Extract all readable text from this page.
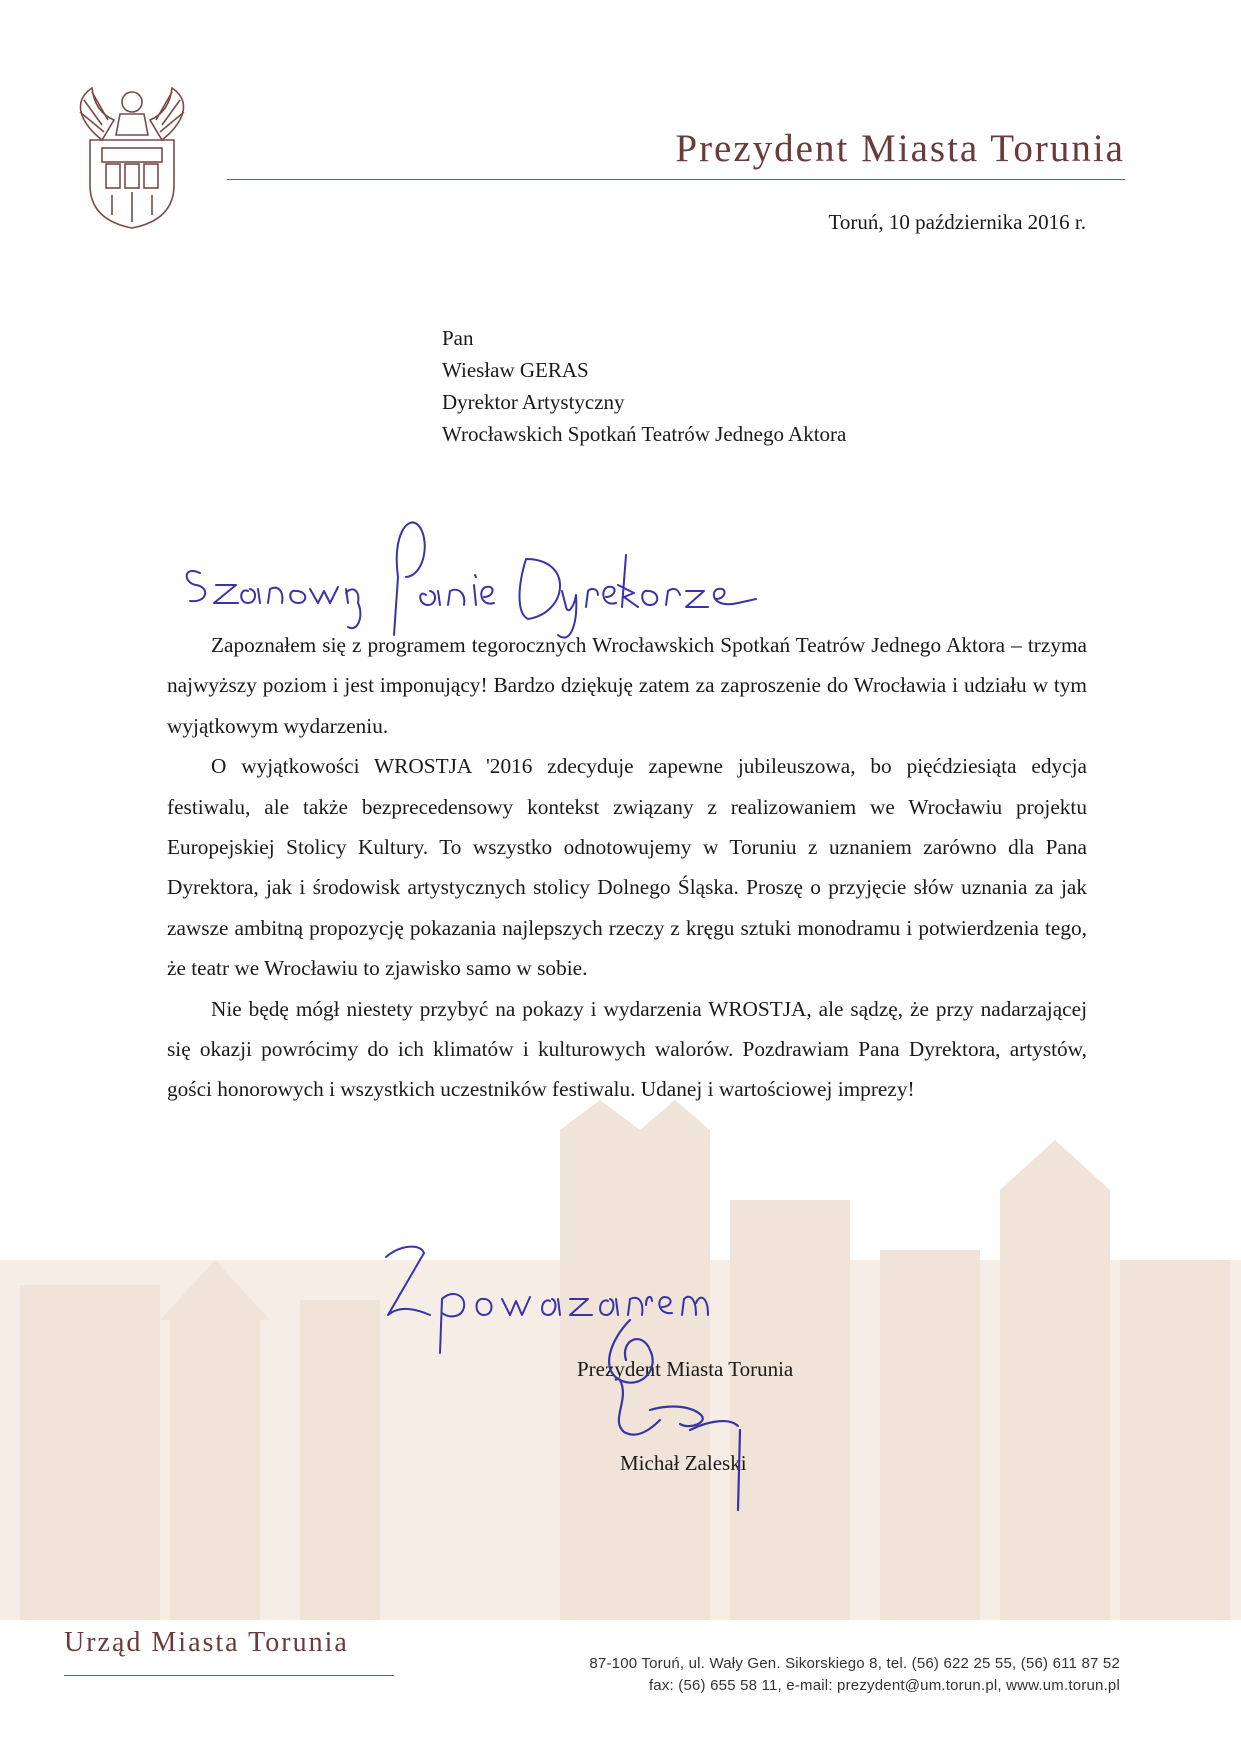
Prezydent Miasta Torunia
Toruń, 10 października 2016 r.
Pan
Wiesław GERAS
Dyrektor Artystyczny
Wrocławskich Spotkań Teatrów Jednego Aktora

Zapoznałem się z programem tegorocznych Wrocławskich Spotkań Teatrów Jednego Aktora – trzyma najwyższy poziom i jest imponujący! Bardzo dziękuję zatem za zaproszenie do Wrocławia i udziału w tym wyjątkowym wydarzeniu.

O wyjątkowości WROSTJA '2016 zdecyduje zapewne jubileuszowa, bo pięćdziesiąta edycja festiwalu, ale także bezprecedensowy kontekst związany z realizowaniem we Wrocławiu projektu Europejskiej Stolicy Kultury. To wszystko odnotowujemy w Toruniu z uznaniem zarówno dla Pana Dyrektora, jak i środowisk artystycznych stolicy Dolnego Śląska. Proszę o przyjęcie słów uznania za jak zawsze ambitną propozycję pokazania najlepszych rzeczy z kręgu sztuki monodramu i potwierdzenia tego, że teatr we Wrocławiu to zjawisko samo w sobie.

Nie będę mógł niestety przybyć na pokazy i wydarzenia WROSTJA, ale sądzę, że przy nadarzającej się okazji powrócimy do ich klimatów i kulturowych walorów. Pozdrawiam Pana Dyrektora, artystów, gości honorowych i wszystkich uczestników festiwalu. Udanej i wartościowej imprezy!

Prezydent Miasta Torunia
Michał Zaleski
Urząd Miasta Torunia
87-100 Toruń, ul. Wały Gen. Sikorskiego 8, tel. (56) 622 25 55, (56) 611 87 52
fax: (56) 655 58 11, e-mail: prezydent@um.torun.pl, www.um.torun.pl
